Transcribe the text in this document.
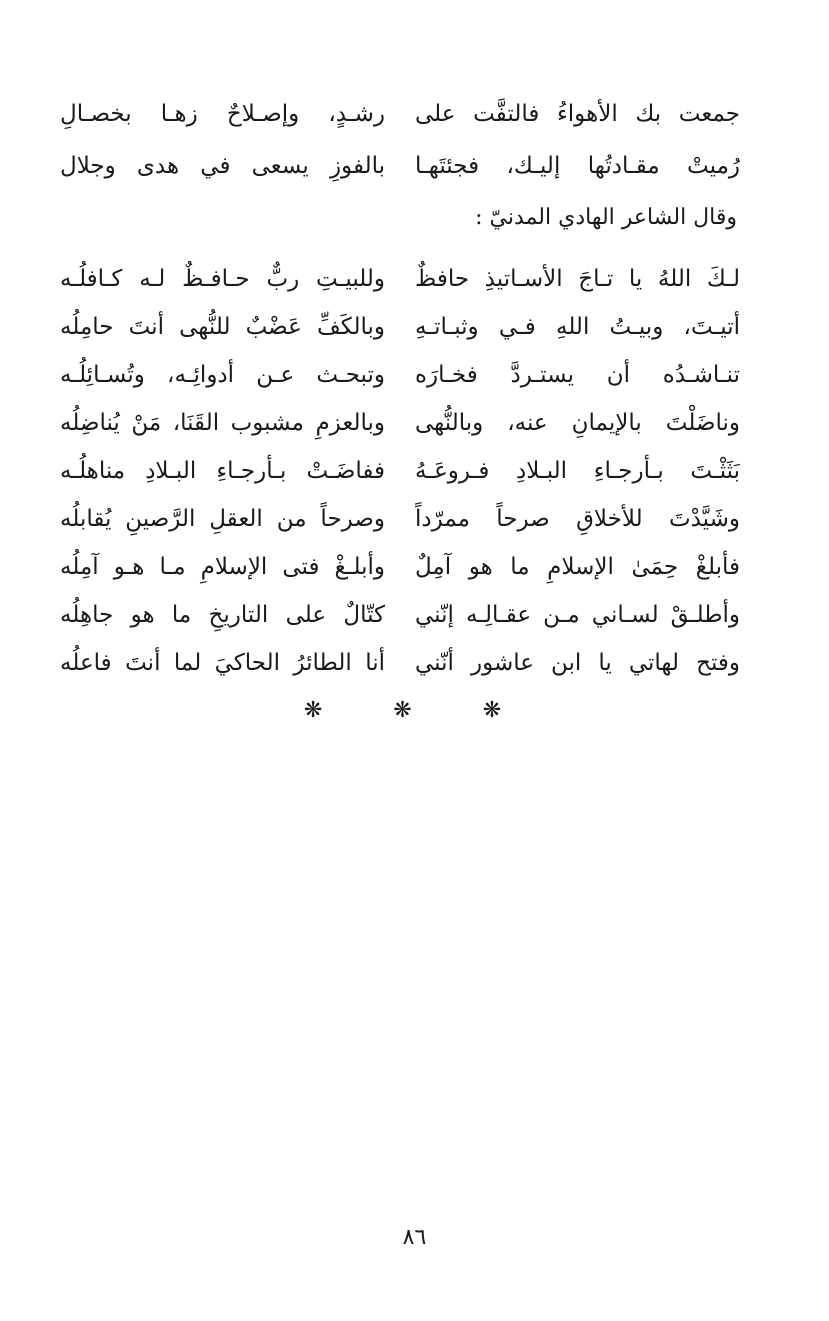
جمعت بك الأهواءُ فالتفَّت على
رشـدٍ، وإصـلاحٌ زهـا بخصـالِ
رُميتْ مقـادتُها إليـك، فجئتَهـا
بالفوزِ يسعى في هدى وجلال
وقال الشاعر الهادي المدنيّ :
لـكَ اللهُ يا تـاجَ الأسـاتيذِ حافظٌ
وللبيـتِ ربٌّ حـافـظٌ لـه كـافلُـه
أتيـتَ، وبيـتُ اللهِ فـي وثبـاتـهِ
وبالكَفِّ عَضْبٌ للنُّهى أنتَ حامِلُه
تنـاشـدُه أن يستـردَّ فخـارَه
وتبحـث عـن أدوائِـه، وتُسـائِلُـه
وناضَلْتَ بالإيمانِ عنه، وبالنُّهى
وبالعزمِ مشبوب القَنَا، مَنْ يُناضِلُه
بَثَثْـتَ بـأرجـاءِ البـلادِ فـروعَـهُ
ففاضَـتْ بـأرجـاءِ البـلادِ مناهلُـه
وشَيَّدْتَ للأخلاقِ صرحاً ممرّداً
وصرحاً من العقلِ الرَّصينِ يُقابلُه
فأبلغْ حِمَىٰ الإسلامِ ما هو آمِلٌ
وأبلـغْ فتى الإسلامِ مـا هـو آمِلُه
وأطلـقْ لسـاني مـن عقـالِـه إنّني
كتّالٌ على التاريخِ ما هو جاهِلُه
وفتح لهاتي يا ابن عاشور أنّني
أنا الطائرُ الحاكيَ لما أنتَ فاعلُه
❋ ❋ ❋
٨٦
